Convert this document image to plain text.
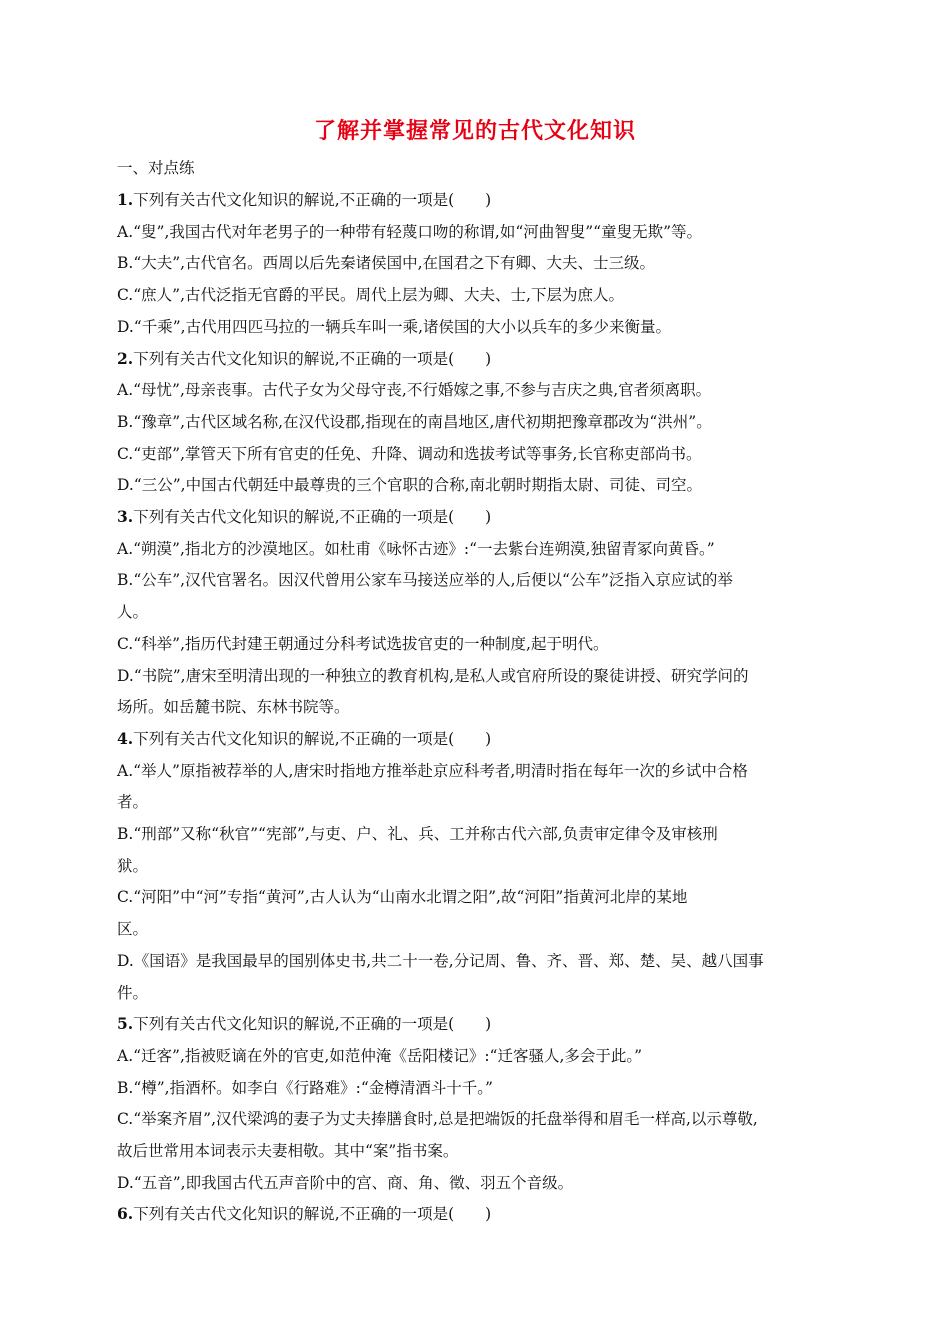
了解并掌握常见的古代文化知识
一、对点练
1.下列有关古代文化知识的解说,不正确的一项是(　　)
A.“叟”,我国古代对年老男子的一种带有轻蔑口吻的称谓,如“河曲智叟”“童叟无欺”等。
B.“大夫”,古代官名。西周以后先秦诸侯国中,在国君之下有卿、大夫、士三级。
C.“庶人”,古代泛指无官爵的平民。周代上层为卿、大夫、士,下层为庶人。
D.“千乘”,古代用四匹马拉的一辆兵车叫一乘,诸侯国的大小以兵车的多少来衡量。
2.下列有关古代文化知识的解说,不正确的一项是(　　)
A.“母忧”,母亲丧事。古代子女为父母守丧,不行婚嫁之事,不参与吉庆之典,官者须离职。
B.“豫章”,古代区域名称,在汉代设郡,指现在的南昌地区,唐代初期把豫章郡改为“洪州”。
C.“吏部”,掌管天下所有官吏的任免、升降、调动和选拔考试等事务,长官称吏部尚书。
D.“三公”,中国古代朝廷中最尊贵的三个官职的合称,南北朝时期指太尉、司徒、司空。
3.下列有关古代文化知识的解说,不正确的一项是(　　)
A.“朔漠”,指北方的沙漠地区。如杜甫《咏怀古迹》:“一去紫台连朔漠,独留青冢向黄昏。”
B.“公车”,汉代官署名。因汉代曾用公家车马接送应举的人,后便以“公车”泛指入京应试的举
人。
C.“科举”,指历代封建王朝通过分科考试选拔官吏的一种制度,起于明代。
D.“书院”,唐宋至明清出现的一种独立的教育机构,是私人或官府所设的聚徒讲授、研究学问的
场所。如岳麓书院、东林书院等。
4.下列有关古代文化知识的解说,不正确的一项是(　　)
A.“举人”原指被荐举的人,唐宋时指地方推举赴京应科考者,明清时指在每年一次的乡试中合格
者。
B.“刑部”又称“秋官”“宪部”,与吏、户、礼、兵、工并称古代六部,负责审定律令及审核刑
狱。
C.“河阳”中“河”专指“黄河”,古人认为“山南水北谓之阳”,故“河阳”指黄河北岸的某地
区。
D.《国语》是我国最早的国别体史书,共二十一卷,分记周、鲁、齐、晋、郑、楚、吴、越八国事
件。
5.下列有关古代文化知识的解说,不正确的一项是(　　)
A.“迁客”,指被贬谪在外的官吏,如范仲淹《岳阳楼记》:“迁客骚人,多会于此。”
B.“樽”,指酒杯。如李白《行路难》:“金樽清酒斗十千。”
C.“举案齐眉”,汉代梁鸿的妻子为丈夫捧膳食时,总是把端饭的托盘举得和眉毛一样高,以示尊敬,
故后世常用本词表示夫妻相敬。其中“案”指书案。
D.“五音”,即我国古代五声音阶中的宫、商、角、徵、羽五个音级。
6.下列有关古代文化知识的解说,不正确的一项是(　　)
